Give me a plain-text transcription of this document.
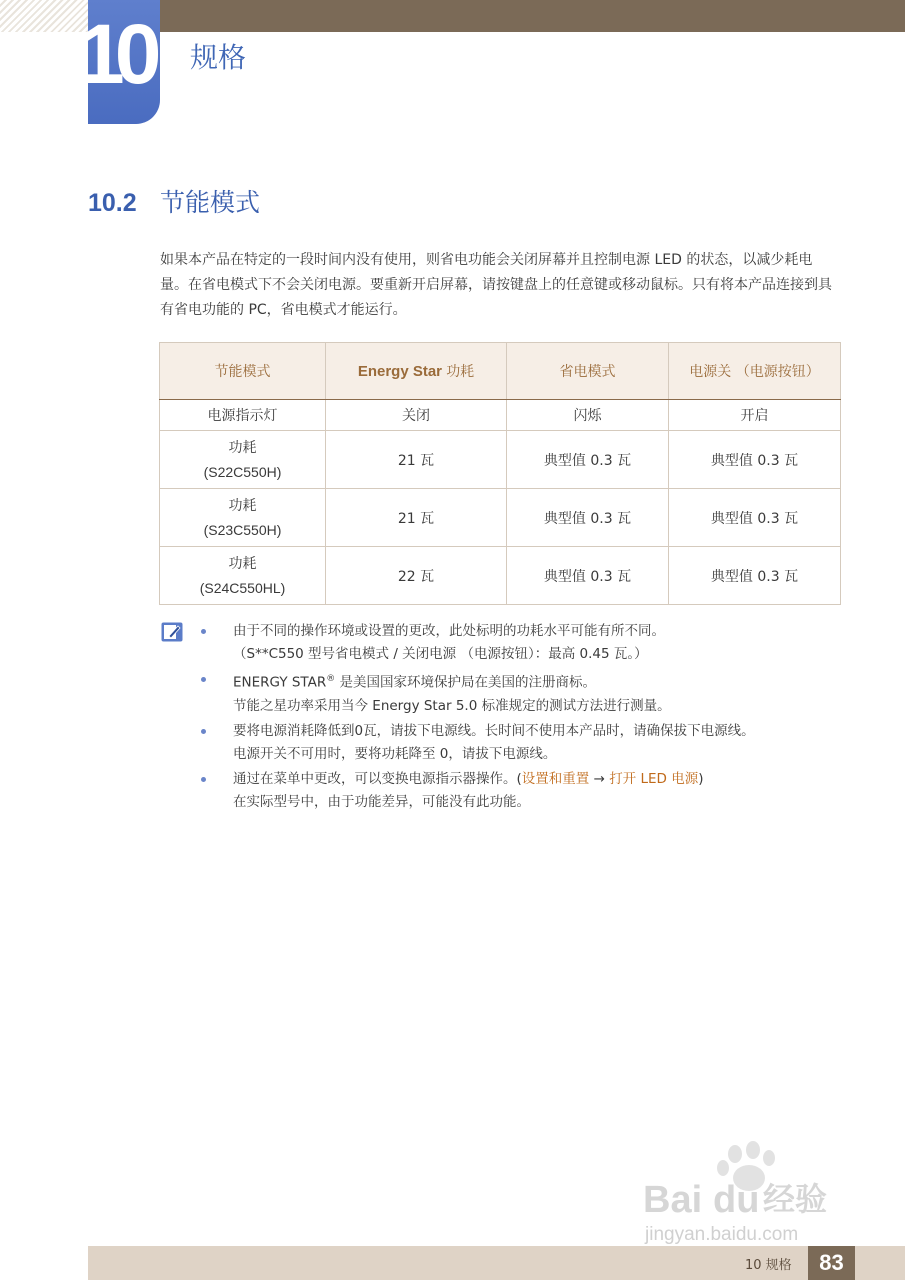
10	规格
10.2 节能模式
如果本产品在特定的一段时间内没有使用，则省电功能会关闭屏幕并且控制电源 LED 的状态，以减少耗电量。在省电模式下不会关闭电源。要重新开启屏幕，请按键盘上的任意键或移动鼠标。只有将本产品连接到具有省电功能的 PC，省电模式才能运行。
节能模式	Energy Star 功耗	省电模式	电源关 （电源按钮）
电源指示灯	关闭	闪烁	开启

功耗
(S22C550H)	21 瓦	典型值 0.3 瓦	典型值 0.3 瓦

功耗
(S23C550H)	21 瓦	典型值 0.3 瓦	典型值 0.3 瓦

功耗
(S24C550HL)	22 瓦	典型值 0.3 瓦	典型值 0.3 瓦
由于不同的操作环境或设置的更改，此处标明的功耗水平可能有所不同。
（S**C550 型号省电模式 / 关闭电源 （电源按钮）：最高 0.45 瓦。）
ENERGY STAR® 是美国国家环境保护局在美国的注册商标。
节能之星功率采用当今 Energy Star 5.0 标准规定的测试方法进行测量。
要将电源消耗降低到0瓦，请拔下电源线。长时间不使用本产品时，请确保拔下电源线。
电源开关不可用时，要将功耗降至 0，请拔下电源线。
通过在菜单中更改，可以变换电源指示器操作。(设置和重置 → 打开 LED 电源)
在实际型号中，由于功能差异，可能没有此功能。
Bai du 经验
jingyan.baidu.com
10 规格	83
